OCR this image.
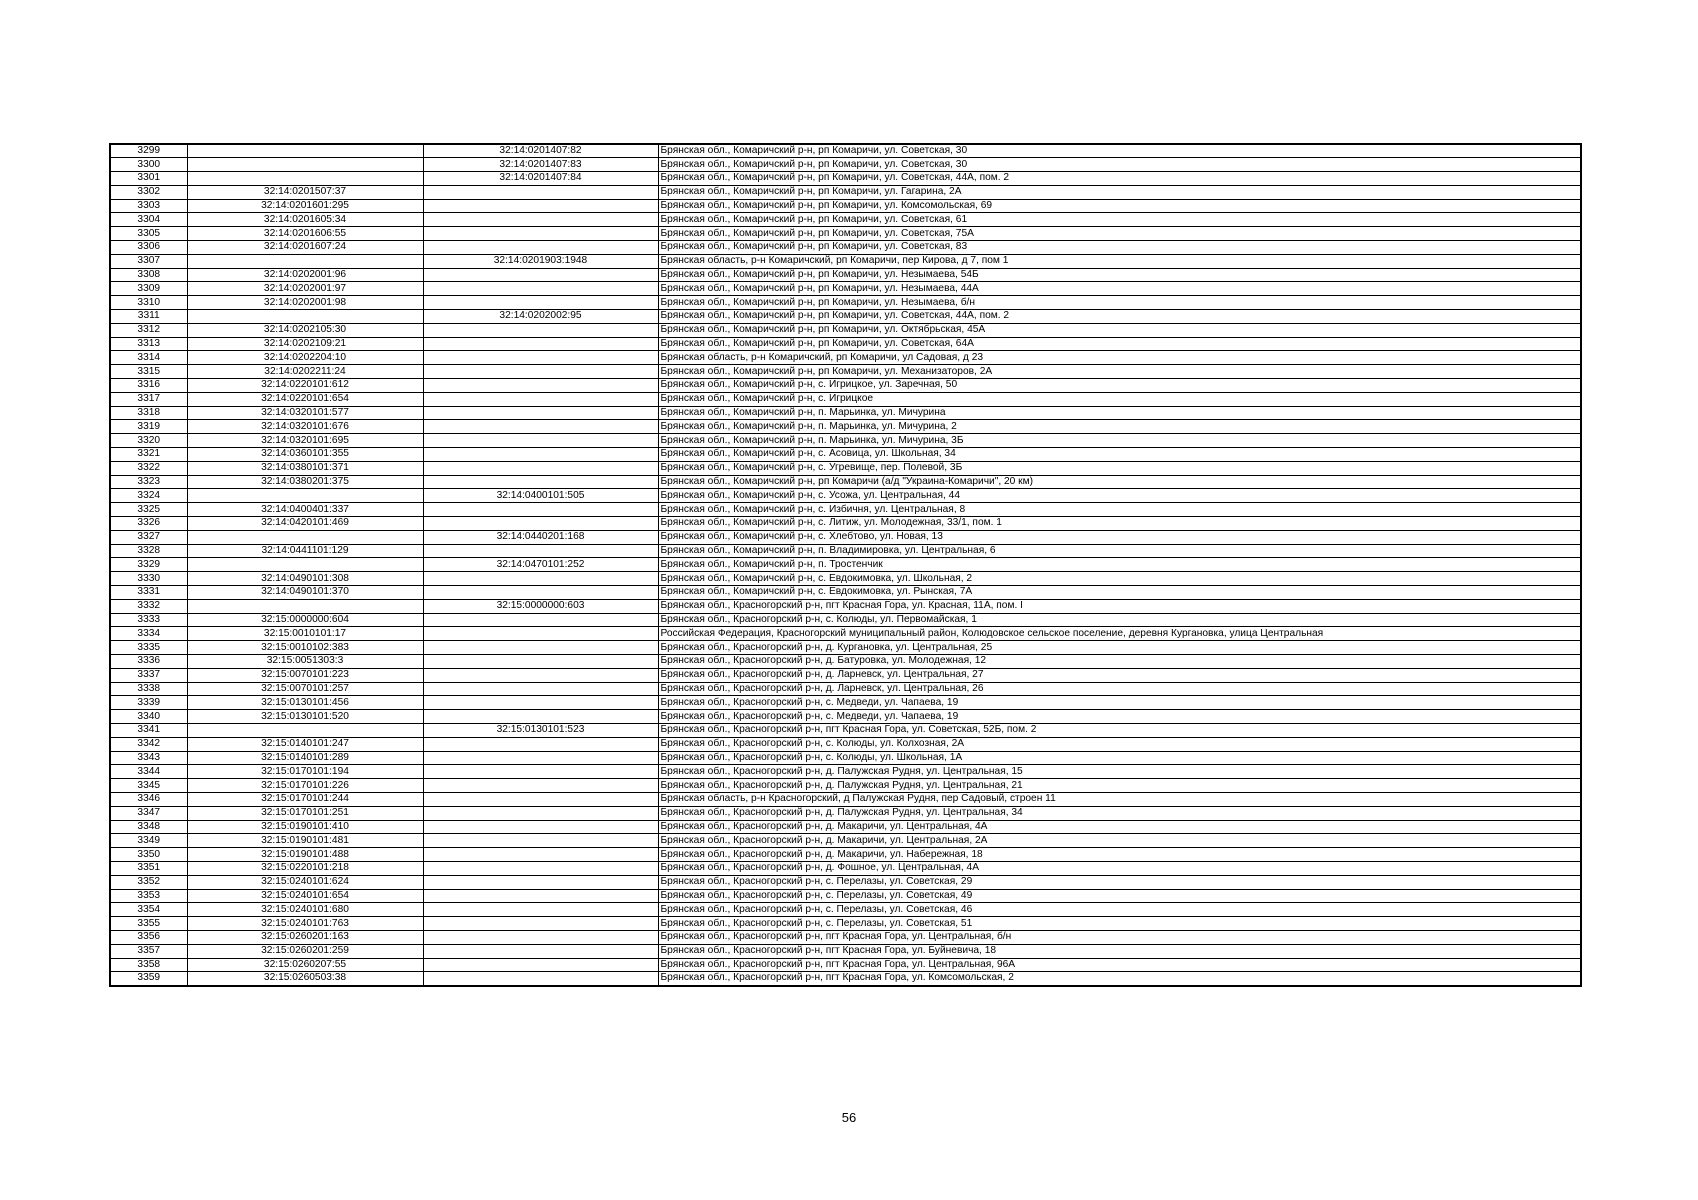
3299		32:14:0201407:82	Брянская обл., Комаричский р-н, рп Комаричи, ул. Советская, 30
3300		32:14:0201407:83	Брянская обл., Комаричский р-н, рп Комаричи, ул. Советская, 30
3301		32:14:0201407:84	Брянская обл., Комаричский р-н, рп Комаричи, ул. Советская, 44А, пом. 2
3302	32:14:0201507:37		Брянская обл., Комаричский р-н, рп Комаричи, ул. Гагарина, 2А
3303	32:14:0201601:295		Брянская обл., Комаричский р-н, рп Комаричи, ул. Комсомольская, 69
3304	32:14:0201605:34		Брянская обл., Комаричский р-н, рп Комаричи, ул. Советская, 61
3305	32:14:0201606:55		Брянская обл., Комаричский р-н, рп Комаричи, ул. Советская, 75А
3306	32:14:0201607:24		Брянская обл., Комаричский р-н, рп Комаричи, ул. Советская, 83
3307		32:14:0201903:1948	Брянская область, р-н Комаричский, рп Комаричи, пер Кирова, д 7, пом 1
3308	32:14:0202001:96		Брянская обл., Комаричский р-н, рп Комаричи, ул. Незымаева, 54Б
3309	32:14:0202001:97		Брянская обл., Комаричский р-н, рп Комаричи, ул. Незымаева, 44А
3310	32:14:0202001:98		Брянская обл., Комаричский р-н, рп Комаричи, ул. Незымаева, б/н
3311		32:14:0202002:95	Брянская обл., Комаричский р-н, рп Комаричи, ул. Советская, 44А, пом. 2
3312	32:14:0202105:30		Брянская обл., Комаричский р-н, рп Комаричи, ул. Октябрьская, 45А
3313	32:14:0202109:21		Брянская обл., Комаричский р-н, рп Комаричи, ул. Советская, 64А
3314	32:14:0202204:10		Брянская область, р-н Комаричский, рп Комаричи, ул Садовая, д 23
3315	32:14:0202211:24		Брянская обл., Комаричский р-н, рп Комаричи, ул. Механизаторов, 2А
3316	32:14:0220101:612		Брянская обл., Комаричский р-н, с. Игрицкое, ул. Заречная, 50
3317	32:14:0220101:654		Брянская обл., Комаричский р-н, с. Игрицкое
3318	32:14:0320101:577		Брянская обл., Комаричский р-н, п. Марьинка, ул. Мичурина
3319	32:14:0320101:676		Брянская обл., Комаричский р-н, п. Марьинка, ул. Мичурина, 2
3320	32:14:0320101:695		Брянская обл., Комаричский р-н, п. Марьинка, ул. Мичурина, 3Б
3321	32:14:0360101:355		Брянская обл., Комаричский р-н, с. Асовица, ул. Школьная, 34
3322	32:14:0380101:371		Брянская обл., Комаричский р-н, с. Угревище, пер. Полевой, 3Б
3323	32:14:0380201:375		Брянская обл., Комаричский р-н, рп Комаричи (а/д "Украина-Комаричи", 20 км)
3324		32:14:0400101:505	Брянская обл., Комаричский р-н, с. Усожа, ул. Центральная, 44
3325	32:14:0400401:337		Брянская обл., Комаричский р-н, с. Избичня, ул. Центральная, 8
3326	32:14:0420101:469		Брянская обл., Комаричский р-н, с. Литиж, ул. Молодежная, 33/1, пом. 1
3327		32:14:0440201:168	Брянская обл., Комаричский р-н, с. Хлебтово, ул. Новая, 13
3328	32:14:0441101:129		Брянская обл., Комаричский р-н, п. Владимировка, ул. Центральная, 6
3329		32:14:0470101:252	Брянская обл., Комаричский р-н, п. Тростенчик
3330	32:14:0490101:308		Брянская обл., Комаричский р-н, с. Евдокимовка, ул. Школьная, 2
3331	32:14:0490101:370		Брянская обл., Комаричский р-н, с. Евдокимовка, ул. Рынская, 7А
3332		32:15:0000000:603	Брянская обл., Красногорский р-н, пгт Красная Гора, ул. Красная, 11А, пом. I
3333	32:15:0000000:604		Брянская обл., Красногорский р-н, с. Колюды, ул. Первомайская, 1
3334	32:15:0010101:17		Российская Федерация, Красногорский муниципальный район, Колюдовское сельское поселение, деревня Кургановка, улица Центральная
3335	32:15:0010102:383		Брянская обл., Красногорский р-н, д. Кургановка, ул. Центральная, 25
3336	32:15:0051303:3		Брянская обл., Красногорский р-н, д. Батуровка, ул. Молодежная, 12
3337	32:15:0070101:223		Брянская обл., Красногорский р-н, д. Ларневск, ул. Центральная, 27
3338	32:15:0070101:257		Брянская обл., Красногорский р-н, д. Ларневск, ул. Центральная, 26
3339	32:15:0130101:456		Брянская обл., Красногорский р-н, с. Медведи, ул. Чапаева, 19
3340	32:15:0130101:520		Брянская обл., Красногорский р-н, с. Медведи, ул. Чапаева, 19
3341		32:15:0130101:523	Брянская обл., Красногорский р-н, пгт Красная Гора, ул. Советская, 52Б, пом. 2
3342	32:15:0140101:247		Брянская обл., Красногорский р-н, с. Колюды, ул. Колхозная, 2А
3343	32:15:0140101:289		Брянская обл., Красногорский р-н, с. Колюды, ул. Школьная, 1А
3344	32:15:0170101:194		Брянская обл., Красногорский р-н, д. Палужская Рудня, ул. Центральная, 15
3345	32:15:0170101:226		Брянская обл., Красногорский р-н, д. Палужская Рудня, ул. Центральная, 21
3346	32:15:0170101:244		Брянская область, р-н Красногорский, д Палужская Рудня, пер Садовый, строен 11
3347	32:15:0170101:251		Брянская обл., Красногорский р-н, д. Палужская Рудня, ул. Центральная, 34
3348	32:15:0190101:410		Брянская обл., Красногорский р-н, д. Макаричи, ул. Центральная, 4А
3349	32:15:0190101:481		Брянская обл., Красногорский р-н, д. Макаричи, ул. Центральная, 2А
3350	32:15:0190101:488		Брянская обл., Красногорский р-н, д. Макаричи, ул. Набережная, 18
3351	32:15:0220101:218		Брянская обл., Красногорский р-н, д. Фошное, ул. Центральная, 4А
3352	32:15:0240101:624		Брянская обл., Красногорский р-н, с. Перелазы, ул. Советская, 29
3353	32:15:0240101:654		Брянская обл., Красногорский р-н, с. Перелазы, ул. Советская, 49
3354	32:15:0240101:680		Брянская обл., Красногорский р-н, с. Перелазы, ул. Советская, 46
3355	32:15:0240101:763		Брянская обл., Красногорский р-н, с. Перелазы, ул. Советская, 51
3356	32:15:0260201:163		Брянская обл., Красногорский р-н, пгт Красная Гора, ул. Центральная, б/н
3357	32:15:0260201:259		Брянская обл., Красногорский р-н, пгт Красная Гора, ул. Буйневича, 18
3358	32:15:0260207:55		Брянская обл., Красногорский р-н, пгт Красная Гора, ул. Центральная, 96А
3359	32:15:0260503:38		Брянская обл., Красногорский р-н, пгт Красная Гора, ул. Комсомольская, 2
56
